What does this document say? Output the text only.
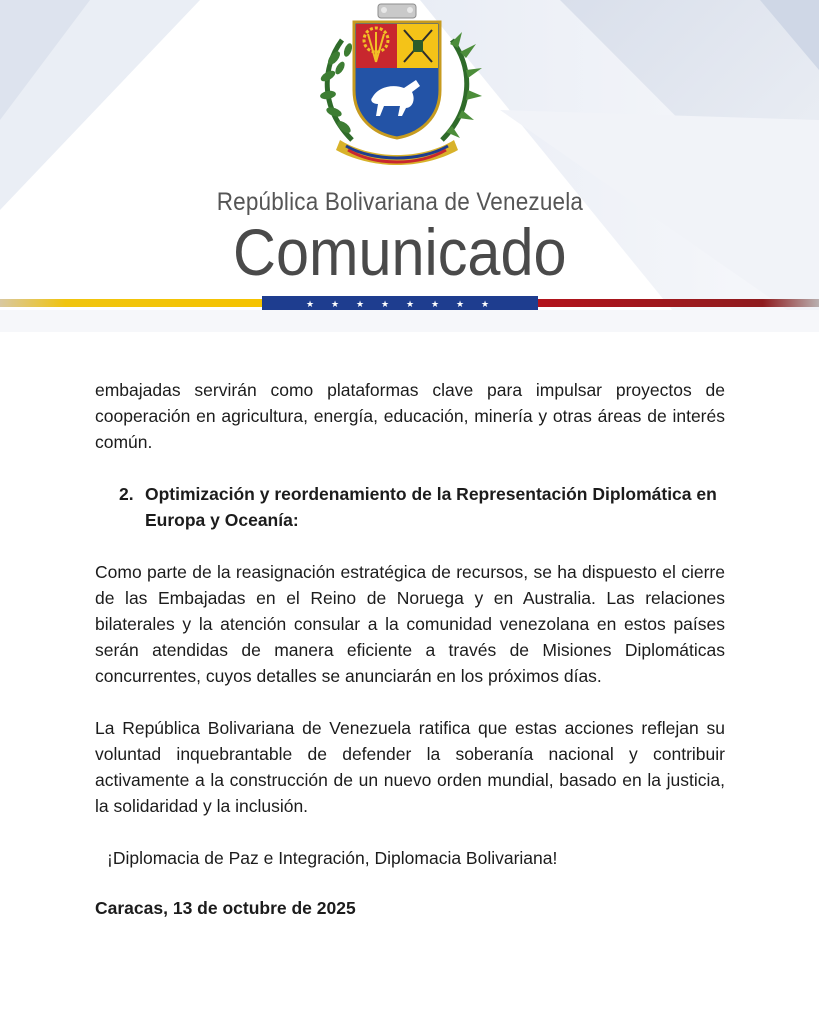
República Bolivariana de Venezuela
Comunicado
★ ★ ★ ★ ★ ★ ★ ★

embajadas servirán como plataformas clave para impulsar proyectos de cooperación en agricultura, energía, educación, minería y otras áreas de interés común.

2. Optimización y reordenamiento de la Representación Diplomática en Europa y Oceanía:

Como parte de la reasignación estratégica de recursos, se ha dispuesto el cierre de las Embajadas en el Reino de Noruega y en Australia. Las relaciones bilaterales y la atención consular a la comunidad venezolana en estos países serán atendidas de manera eficiente a través de Misiones Diplomáticas concurrentes, cuyos detalles se anunciarán en los próximos días.

La República Bolivariana de Venezuela ratifica que estas acciones reflejan su voluntad inquebrantable de defender la soberanía nacional y contribuir activamente a la construcción de un nuevo orden mundial, basado en la justicia, la solidaridad y la inclusión.

¡Diplomacia de Paz e Integración, Diplomacia Bolivariana!

Caracas, 13 de octubre de 2025
